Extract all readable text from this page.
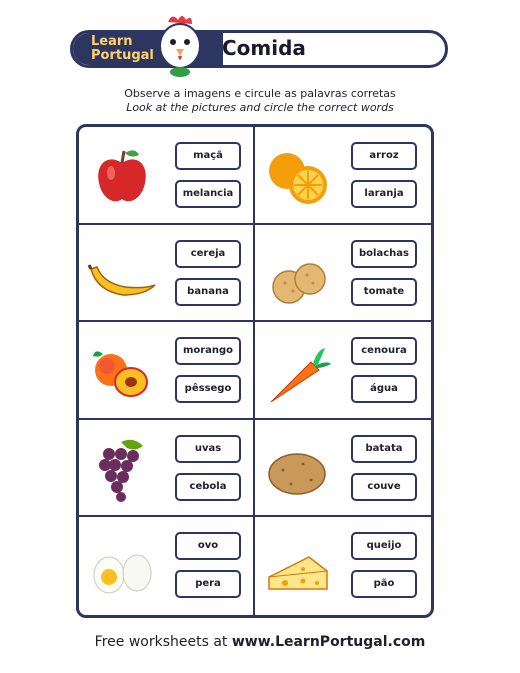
Learn
Portugal	Comida
Observe a imagens e circule as palavras corretas
Look at the pictures and circle the correct words
maçã
melancia
arroz
laranja
cereja
banana
bolachas
tomate
morango
pêssego
cenoura
água
uvas
cebola
batata
couve
ovo
pera
queijo
pão
Free worksheets at www.LearnPortugal.com
